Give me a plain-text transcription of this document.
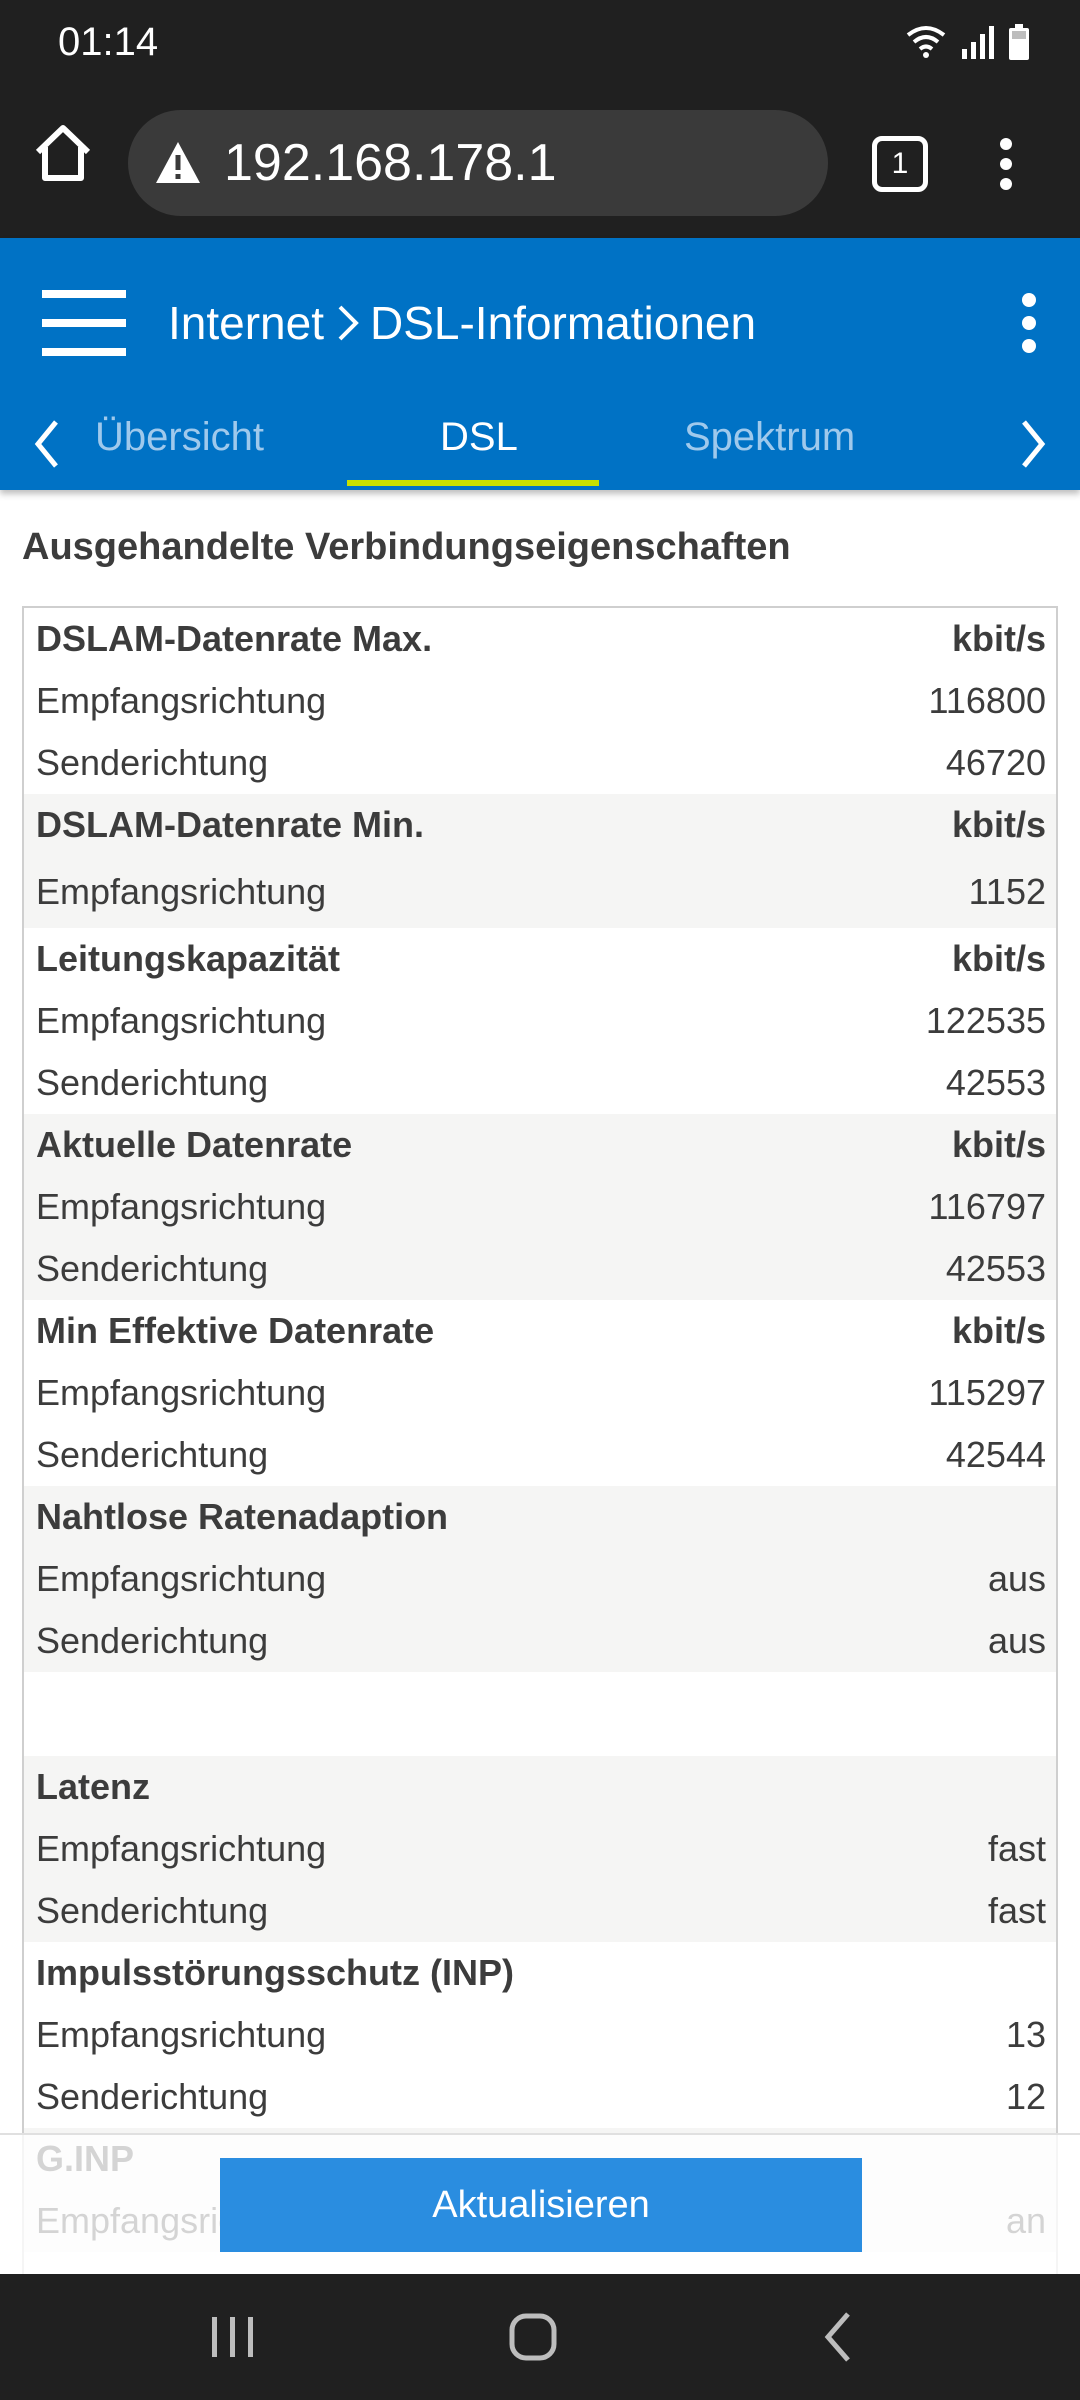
01:14
192.168.178.1	1
Internet DSL-Informationen
Übersicht	DSL	Spektrum
Ausgehandelte Verbindungseigenschaften
DSLAM-Datenrate Max.	kbit/s
Empfangsrichtung	116800
Senderichtung	46720
DSLAM-Datenrate Min.	kbit/s
Empfangsrichtung	1152
Leitungskapazität	kbit/s
Empfangsrichtung	122535
Senderichtung	42553
Aktuelle Datenrate	kbit/s
Empfangsrichtung	116797
Senderichtung	42553
Min Effektive Datenrate	kbit/s
Empfangsrichtung	115297
Senderichtung	42544
Nahtlose Ratenadaption
Empfangsrichtung	aus
Senderichtung	aus
Latenz
Empfangsrichtung	fast
Senderichtung	fast
Impulsstörungsschutz (INP)
Empfangsrichtung	13
Senderichtung	12
Aktualisieren
